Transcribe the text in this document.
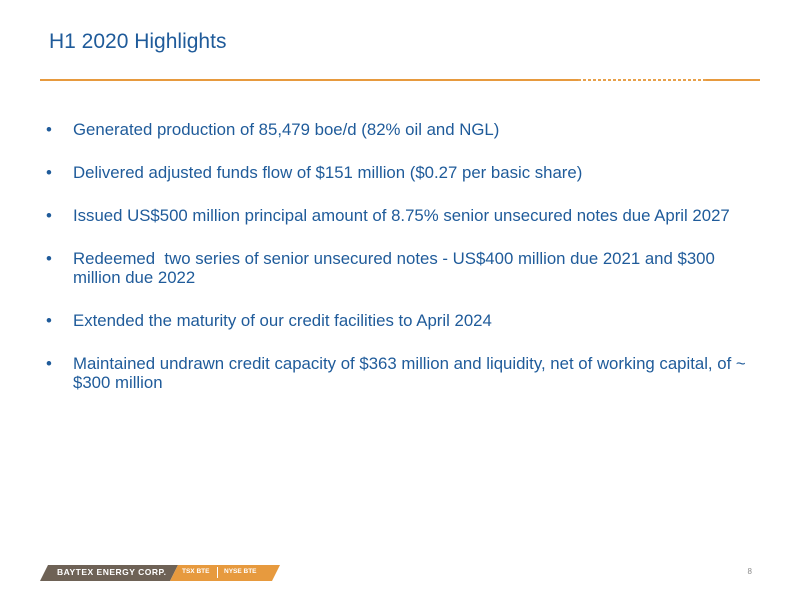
H1 2020 Highlights
• Generated production of 85,479 boe/d (82% oil and NGL)
• Delivered adjusted funds flow of $151 million ($0.27 per basic share)
• Issued US$500 million principal amount of 8.75% senior unsecured notes due April 2027
• Redeemed  two series of senior unsecured notes - US$400 million due 2021 and $300 million due 2022
• Extended the maturity of our credit facilities to April 2024
• Maintained undrawn credit capacity of $363 million and liquidity, net of working capital, of ~ $300 million
BAYTEX ENERGY CORP. TSX BTE NYSE BTE	8
